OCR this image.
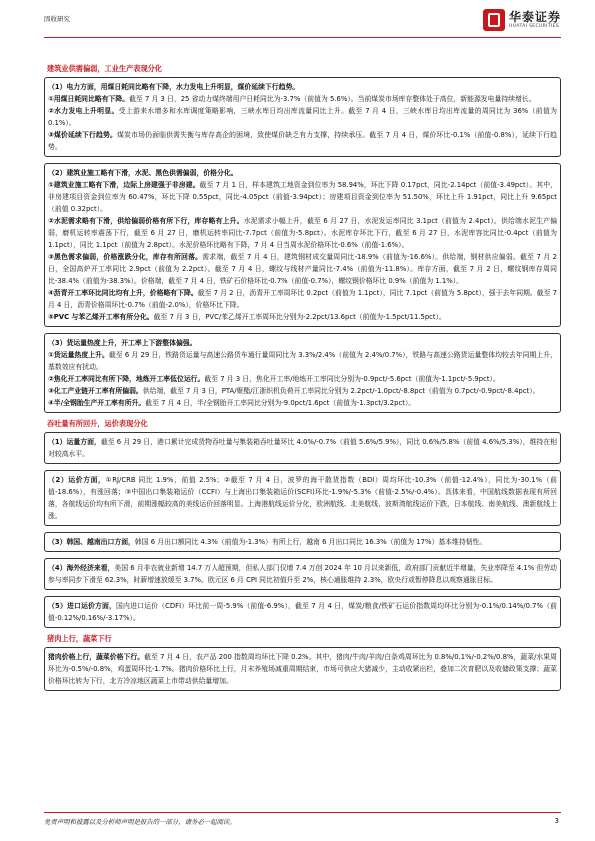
固收研究	华泰证券
HUATAI SECURITIES
建筑业供需偏弱，工业生产表现分化

（1）电力方面，用煤日耗同比略有下降，水力发电上升明显，煤价延续下行趋势。

①用煤日耗同比略有下降。截至 7 月 3 日，25 省动力煤终端用户日耗同比为-3.7%（前值为 5.6%）。当前煤炭市场库存整体处于高位，新能源发电量持续增长。

②水力发电上升明显。受上游来水增多和水库调度策略影响，三峡水库日均出库流量同比上升。截至 7 月 4 日，三峡水库日均出库流量的周同比为 36%（前值为 0.1%）。

③煤价延续下行趋势。煤炭市场仍面临供需失衡与库存高企的困境，致使煤价缺乏有力支撑，持续承压。截至 7 月 4 日，煤价环比-0.1%（前值-0.8%），延续下行趋势。

（2）建筑业施工略有下滑，水泥、黑色供需偏弱，价格分化。

①建筑业施工略有下滑，边际上房建强于非房建。截至 7 月 1 日，样本建筑工地资金到位率为 58.94%，环比下降 0.17pct，同比-2.14pct（前值-3.49pct）。其中，非房建项目资金到位率为 60.47%，环比下降 0.55pct，同比-4.05pct（前值-3.94pct）；房建项目资金到位率为 51.50%，环比上升 1.91pct，同比上升 9.65pct（前值 0.32pct）。

②水泥需求略有下滑，供给偏弱价格有所下行，库存略有上升。水泥需求小幅上升，截至 6 月 27 日，水泥发运率同比 3.1pct（前值为 2.4pct）。供给端水泥生产偏弱，磨机运转率震荡下行，截至 6 月 27 日，磨机运转率同比-7.7pct（前值为-5.8pct）。水泥库存环比下行，截至 6 月 27 日，水泥库容比同比-0.4pct（前值为 1.1pct），同比 1.1pct（前值为 2.8pct）。水泥价格环比略有下降，7 月 4 日当周水泥价格环比-0.6%（前值-1.6%）。

③黑色需求偏弱，价格涨跌分化，库存有所回落。需求端，截至 7 月 4 日，建筑钢材成交量周同比-18.9%（前值为-16.6%）。供给端，钢材供应偏弱。截至 7 月 2 日，全国高炉开工率同比 2.9pct（前值为 2.2pct）。截至 7 月 4 日，螺纹与线材产量同比-7.4%（前值为-11.8%）。库存方面，截至 7 月 2 日，螺纹钢库存周同比-38.4%（前值为-38.3%）。价格端，截至 7 月 4 日，铁矿石价格环比-0.7%（前值-0.7%），螺纹钢价格环比 0.9%（前值为 1.1%）。

④沥青开工率环比同比均有上升，价格略有下降。截至 7 月 2 日，沥青开工率周环比 0.2pct（前值为 1.1pct），同比 7.1pct（前值为 5.8pct），强于去年同期。截至 7 月 4 日，沥青价格周环比-0.7%（前值-2.0%），价格环比下降。

⑤PVC 与苯乙烯开工率有所分化。截至 7 月 3 日，PVC/苯乙烯开工率周环比分别为-2.2pct/13.6pct（前值为-1.5pct/11.5pct）。

（3）货运量热度上升，开工率上下游整体偏强。

①货运量热度上升。截至 6 月 29 日，铁路货运量与高速公路货车通行量周同比为 3.3%/2.4%（前值为 2.4%/0.7%），铁路与高速公路货运量整体均较去年同期上升，基数效应有扰动。

②焦化开工率同比有所下降，地炼开工率低位运行。截至 7 月 3 日，焦化开工率/地炼开工率同比分别为-0.9pct/-5.6pct（前值为-1.1pct/-5.9pct）。

③化工产业链开工率有所偏弱。供给端，截至 7 月 3 日，PTA/聚酯/江浙织机负荷开工率同比分别为 2.2pct/-1.0pct/-8.8pct（前值为 0.7pct/-0.9pct/-8.4pct）。

④半/全钢胎生产开工率有所升。截至 7 月 4 日，半/全钢胎开工率同比分别为-9.0pct/1.6pct（前值为-1.3pct/3.2pct）。

吞吐量有所回升，运价表现分化

（1）运量方面，截至 6 月 29 日，港口累计完成货物吞吐量与集装箱吞吐量环比 4.0%/-0.7%（前值 5.6%/5.9%），同比 0.6%/5.8%（前值 4.6%/5.3%），维持在相对较高水平。

（2）运价方面，①RJ/CRB 同比 1.9%，前值 2.5%；②截至 7 月 4 日，波罗的海干散货指数（BDI）周均环比-10.3%（前值-12.4%），同比为-30.1%（前值-18.6%），有涨回落；③中国出口集装箱运价（CCFI）与上海出口集装箱运价(SCFI)环比-1.9%/-5.3%（前值-2.5%/-0.4%）。具体来看，中国航线数据表现有所回落，各航线运价均有所下滑，前期涨幅较高的美线运价回落明显。上海港航线运价分化，欧洲航线、北美航线、波斯湾航线运价下跌，日本航线、南美航线、澳新航线上涨。

（3）韩国、越南出口方面，韩国 6 月出口额同比 4.3%（前值为-1.3%）有所上行，越南 6 月出口同比 16.3%（前值为 17%）基本维持韧性。

（4）海外经济来看，美国 6 月非农就业新增 14.7 万人超预期，但私人部门仅增 7.4 万创 2024 年 10 月以来新低，政府部门贡献近半增量，失业率降至 4.1% 但劳动参与率同步下滑至 62.3%，时薪增速放缓至 3.7%。欧元区 6 月 CPI 同比初值升至 2%，核心通胀维持 2.3%，欧央行或暂停降息以观察通胀目标。

（5）进口运价方面，国内进口运价（CDFI）环比前一周-5.9%（前值-6.9%），截至 7 月 4 日，煤炭/粮食/铁矿石运价指数周均环比分别为-0.1%/0.14%/0.7%（前值-0.12%/0.16%/-3.17%）。

猪肉上行，蔬菜下行

猪肉价格上行，蔬菜价格下行。截至 7 月 4 日，农产品 200 指数周均环比下降 0.2%。其中，猪肉/牛肉/羊肉/白条鸡周环比为 0.8%/0.1%/-0.2%/0.8%，蔬菜/水果周环比为-0.5%/-0.8%，鸡蛋周环比-1.7%。猪肉价格环比上行，月末养殖场减重周期结束，市场可供应大猪减少，主动收紧出栏，叠加二次育肥以及收储政策支撑；蔬菜价格环比转为下行，北方冷凉地区蔬菜上市带动供给量增加。

免责声明和披露以及分析师声明是报告的一部分，请务必一起阅读。	3
